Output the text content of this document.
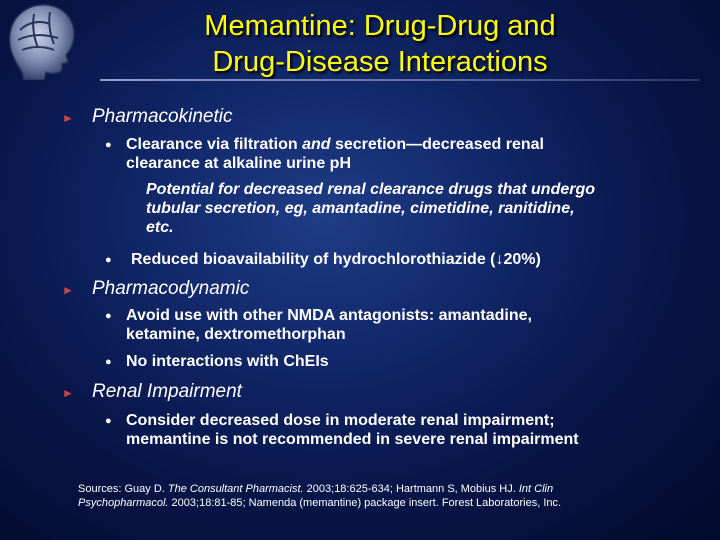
Memantine: Drug-Drug and
Drug-Disease Interactions
► Pharmacokinetic
● Clearance via filtration and secretion—decreased renal
clearance at alkaline urine pH
Potential for decreased renal clearance drugs that undergo
tubular secretion, eg, amantadine, cimetidine, ranitidine,
etc.
● Reduced bioavailability of hydrochlorothiazide (↓20%)
► Pharmacodynamic
● Avoid use with other NMDA antagonists: amantadine,
ketamine, dextromethorphan
● No interactions with ChEIs
► Renal Impairment
● Consider decreased dose in moderate renal impairment;
memantine is not recommended in severe renal impairment
Sources: Guay D. The Consultant Pharmacist. 2003;18:625-634; Hartmann S, Mobius HJ. Int Clin
Psychopharmacol. 2003;18:81-85; Namenda (memantine) package insert. Forest Laboratories, Inc.
